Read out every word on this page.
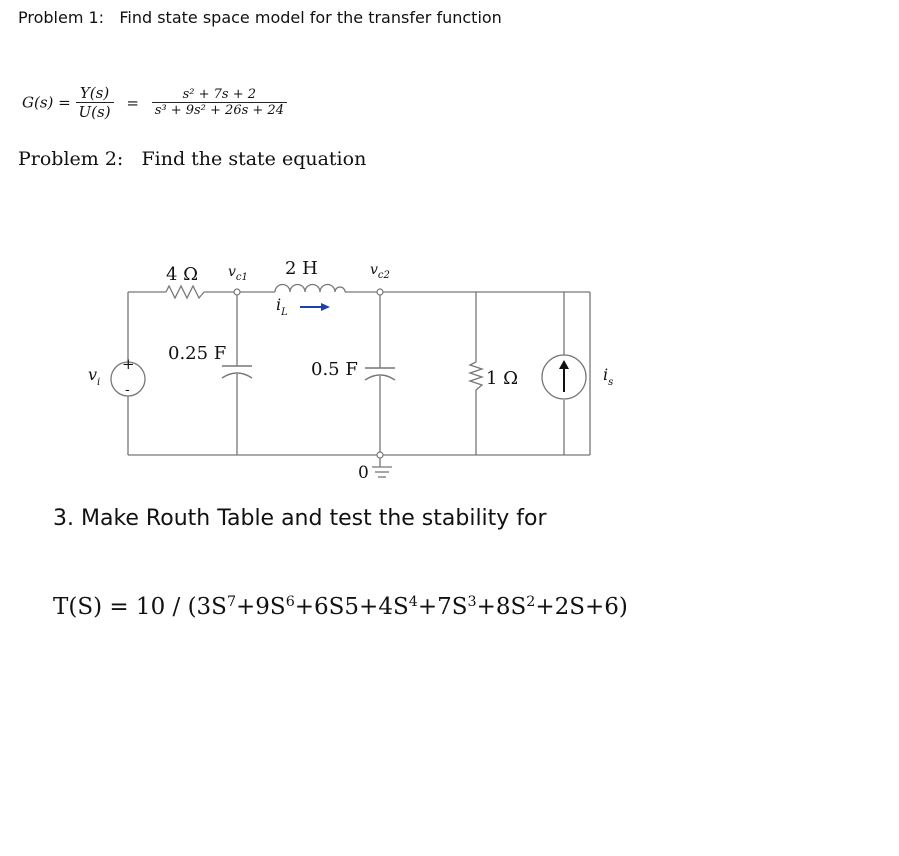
Problem 1: Find state space model for the transfer function
$G(s) = \frac{Y(s)}{U(s)} = \frac{\text{s² + 7s + 2}}{\text{s³ + 9s² + 26s + 24}}$
Problem 2: Find the state equation
4 Ω $v_{c1}$ 2 H	$v_{c2}$
$i_L$
0.25 F
0.5 F	1 Ω
+
-
$v_i$	$i_s$
0
3. Make Routh Table and test the stability for
$T(S) = 10 / (3S^7+9S^6+6S5+4S^4+7S^3+8S^2+2S+6)$
